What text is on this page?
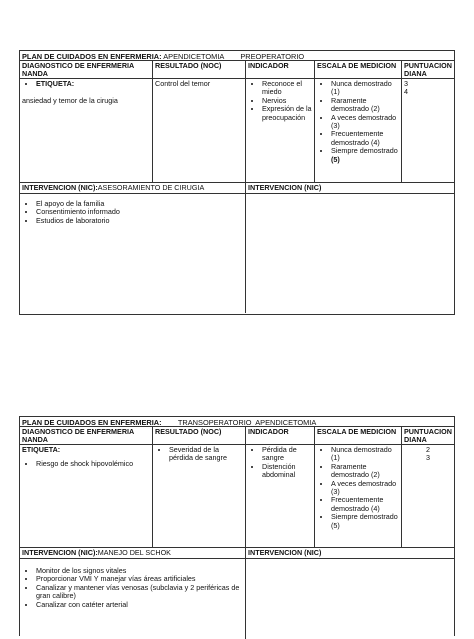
PLAN DE CUIDADOS EN ENFERMERIA: APENDICETOMIA        PREOPERATORIO
DIAGNOSTICO DE ENFERMERIA NANDA
RESULTADO (NOC)	INDICADOR	ESCALA DE MEDICION	PUNTUACION DIANA
• ETIQUETA:
ansiedad y temor de la cirugia
Control del temor
•	Reconoce el miedo
• Nervios
• Expresión de la preocupación
• Nunca demostrado (1)
• Raramente demostrado (2)
• A veces demostrado (3)
• Frecuentemente demostrado (4)
• Siempre demostrado (5)
3
4
INTERVENCION (NIC):ASESORAMIENTO DE CIRUGIA	INTERVENCION (NIC)
• El apoyo de la familia
• Consentimiento informado
• Estudios de laboratorio
PLAN DE CUIDADOS EN ENFERMERIA:        TRANSOPERATORIO  APENDICETOMIA
DIAGNOSTICO DE ENFERMERIA NANDA
RESULTADO (NOC)	INDICADOR	ESCALA DE MEDICION	PUNTUACION DIANA
ETIQUETA:
• Riesgo de shock hipovolémico
• Severidad de la pérdida de sangre
• Pérdida de sangre
• Distención abdominal
• Nunca demostrado (1)
• Raramente demostrado (2)
• A veces demostrado (3)
• Frecuentemente demostrado (4)
• Siempre demostrado (5)
2
3
INTERVENCION (NIC):MANEJO DEL SCHOK	INTERVENCION (NIC)
• Monitor de los signos vitales
• Proporcionar VMI Y manejar vías áreas artificiales
• Canalizar y mantener vías venosas (subclavia y 2 periféricas de gran calibre)
• Canalizar con catéter arterial
